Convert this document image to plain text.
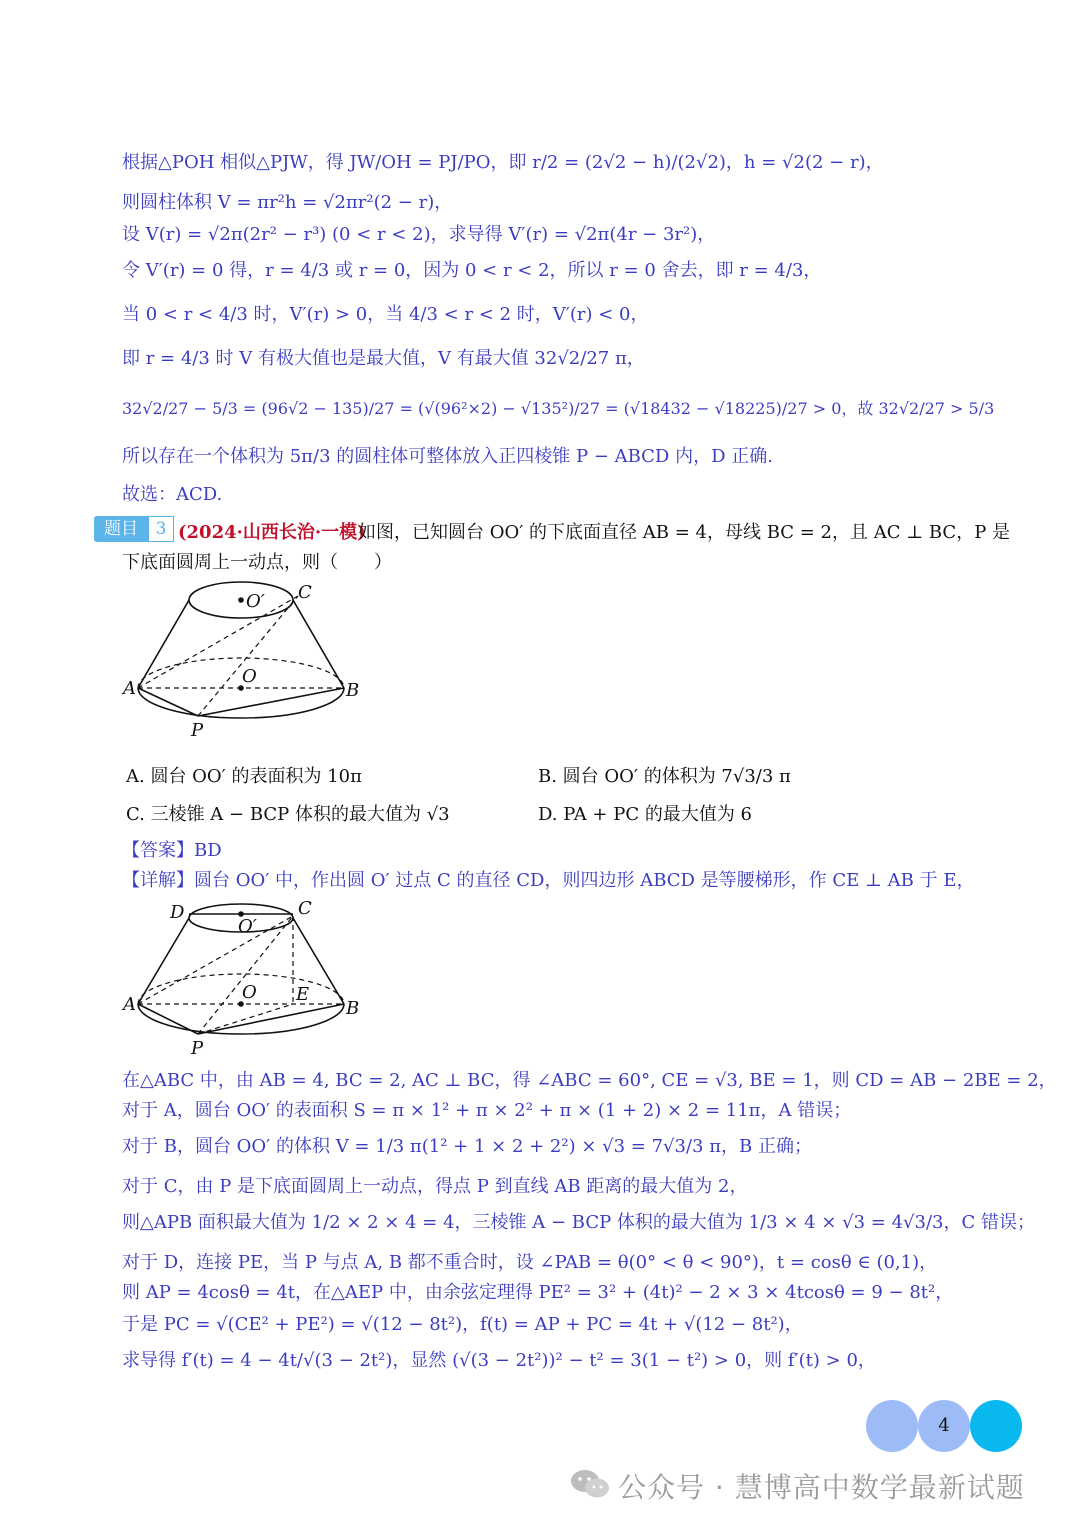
根据△POH 相似△PJW，得 JW/OH = PJ/PO，即 r/2 = (2√2 − h)/(2√2)，h = √2(2 − r)，
则圆柱体积 V = πr²h = √2πr²(2 − r)，
设 V(r) = √2π(2r² − r³) (0 < r < 2)，求导得 V′(r) = √2π(4r − 3r²)，
令 V′(r) = 0 得，r = 4/3 或 r = 0，因为 0 < r < 2，所以 r = 0 舍去，即 r = 4/3，
当 0 < r < 4/3 时，V′(r) > 0，当 4/3 < r < 2 时，V′(r) < 0，
即 r = 4/3 时 V 有极大值也是最大值，V 有最大值 32√2/27 π，
32√2/27 − 5/3 = (96√2 − 135)/27 = (√(96²×2) − √135²)/27 = (√18432 − √18225)/27 > 0，故 32√2/27 > 5/3
所以存在一个体积为 5π/3 的圆柱体可整体放入正四棱锥 P − ABCD 内，D 正确.
故选：ACD.
题目	3 (2024·山西长治·一模)
如图，已知圆台 OO′ 的下底面直径 AB = 4，母线 BC = 2，且 AC ⊥ BC，P 是
下底面圆周上一动点，则（　　）
O′ C
O
A	B
P
A. 圆台 OO′ 的表面积为 10π	B. 圆台 OO′ 的体积为 7√3/3 π
C. 三棱锥 A − BCP 体积的最大值为 √3	D. PA + PC 的最大值为 6
【答案】BD
【详解】圆台 OO′ 中，作出圆 O′ 过点 C 的直径 CD，则四边形 ABCD 是等腰梯形，作 CE ⊥ AB 于 E，
D	C
O′
O E
A	B
P
在△ABC 中，由 AB = 4, BC = 2, AC ⊥ BC，得 ∠ABC = 60°, CE = √3, BE = 1，则 CD = AB − 2BE = 2，
对于 A，圆台 OO′ 的表面积 S = π × 1² + π × 2² + π × (1 + 2) × 2 = 11π，A 错误；
对于 B，圆台 OO′ 的体积 V = 1/3 π(1² + 1 × 2 + 2²) × √3 = 7√3/3 π，B 正确；
对于 C，由 P 是下底面圆周上一动点，得点 P 到直线 AB 距离的最大值为 2，
则△APB 面积最大值为 1/2 × 2 × 4 = 4，三棱锥 A − BCP 体积的最大值为 1/3 × 4 × √3 = 4√3/3，C 错误；
对于 D，连接 PE，当 P 与点 A, B 都不重合时，设 ∠PAB = θ(0° < θ < 90°)，t = cosθ ∈ (0,1)，
则 AP = 4cosθ = 4t，在△AEP 中，由余弦定理得 PE² = 3² + (4t)² − 2 × 3 × 4tcosθ = 9 − 8t²，
于是 PC = √(CE² + PE²) = √(12 − 8t²)，f(t) = AP + PC = 4t + √(12 − 8t²)，
求导得 f′(t) = 4 − 4t/√(3 − 2t²)，显然 (√(3 − 2t²))² − t² = 3(1 − t²) > 0，则 f′(t) > 0，
4
公众号 · 慧博高中数学最新试题
